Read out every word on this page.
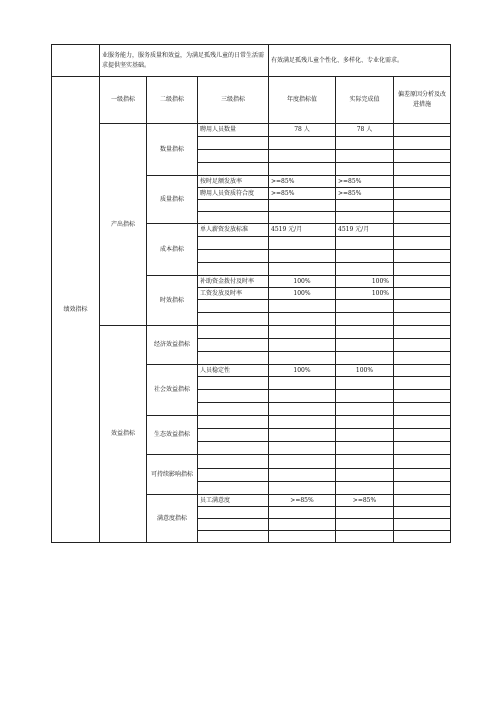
	业服务能力，服务质量和效益，为满足孤残儿童的日常生活需求提供坚实基础。			有效满足孤残儿童个性化、多样化、专业化需求。		
绩效指标	一级指标	二级指标	三级指标	年度指标值	实际完成值	偏差原因分析及改进措施
	产出指标	数量指标	聘用人员数量	78 人	78 人	

		质量指标	按时足额发放率	>=85%	>=85%	
			聘用人员资质符合度	>=85%	>=85%	

		成本指标	单人薪资发放标准	4519 元/月	4519 元/月	

		时效指标	补助资金拨付及时率	100%	100%	
			工资发放及时率	100%	100%	

	效益指标	经济效益指标				

		社会效益指标	人员稳定性	100%	100%	

		生态效益指标				

		可持续影响指标				

		满意度指标	员工满意度	>=85%	>=85%	
